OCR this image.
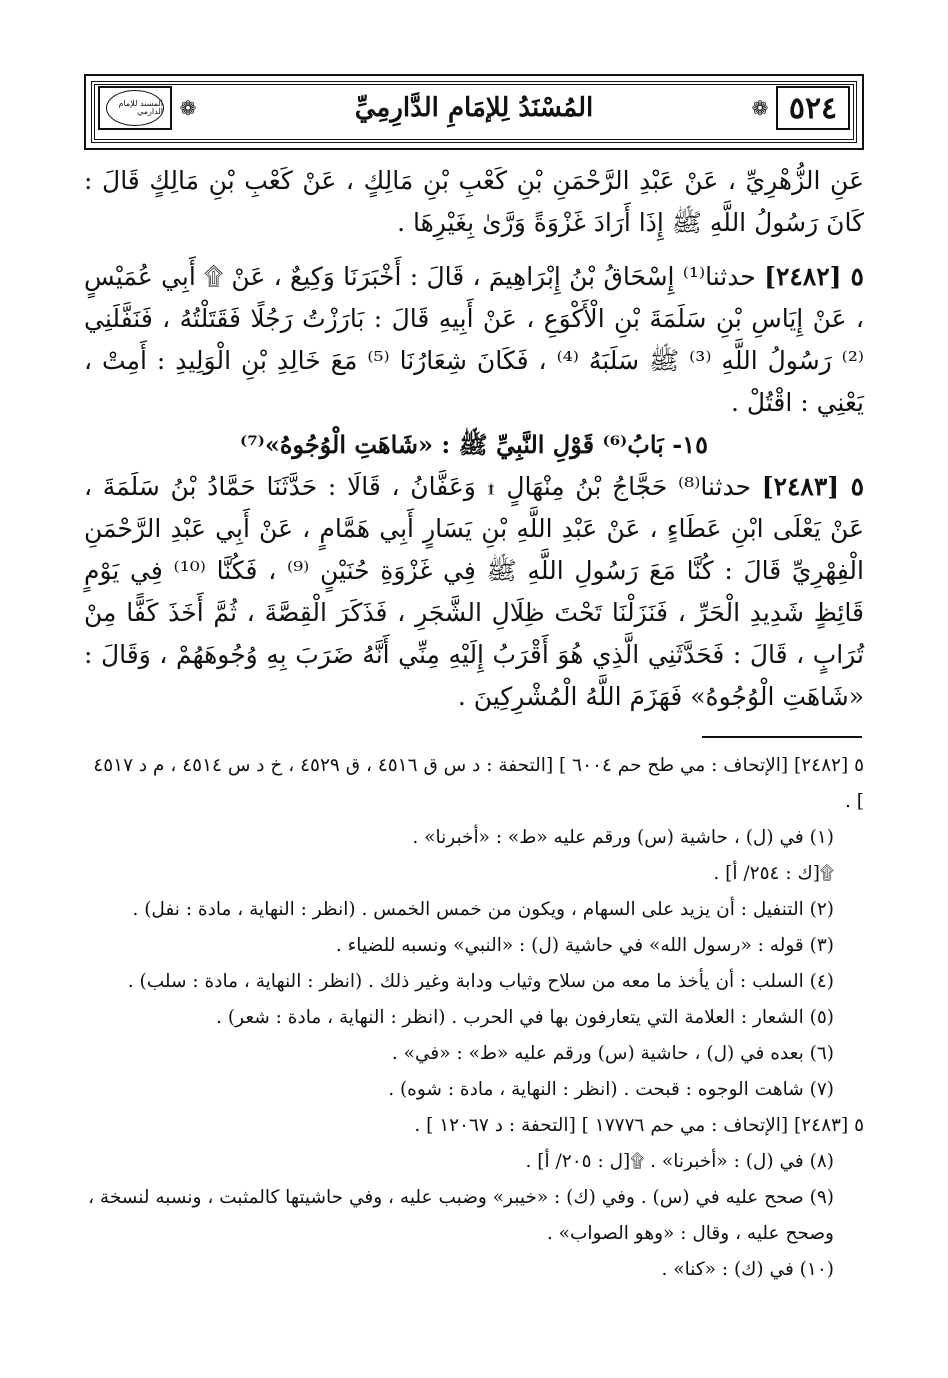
٥٢٤
❁
المُسْنَدُ لِلإمَامِ الدَّارِمِيِّ
❁
المسند للإمام الدارمي

عَنِ الزُّهْرِيِّ ، عَنْ عَبْدِ الرَّحْمَنِ بْنِ كَعْبِ بْنِ مَالِكٍ ، عَنْ كَعْبِ بْنِ مَالِكٍ قَالَ : كَانَ رَسُولُ اللَّهِ ﷺ إِذَا أَرَادَ غَزْوَةً وَرَّىٰ بِغَيْرِهَا .

٥ [٢٤٨٢] حدثنا⁽¹⁾ إِسْحَاقُ بْنُ إِبْرَاهِيمَ ، قَالَ : أَخْبَرَنَا وَكِيعٌ ، عَنْ ۩ أَبِي عُمَيْسٍ ، عَنْ إِيَاسِ بْنِ سَلَمَةَ بْنِ الْأَكْوَعِ ، عَنْ أَبِيهِ قَالَ : بَارَزْتُ رَجُلًا فَقَتَلْتُهُ ، فَنَفَّلَنِي ⁽²⁾ رَسُولُ اللَّهِ ⁽³⁾ ﷺ سَلَبَهُ ⁽⁴⁾ ، فَكَانَ شِعَارُنَا ⁽⁵⁾ مَعَ خَالِدِ بْنِ الْوَلِيدِ : أَمِتْ ، يَعْنِي : اقْتُلْ .

١٥- بَابُ⁽⁶⁾ قَوْلِ النَّبِيِّ ﷺ : «شَاهَتِ الْوُجُوهُ»⁽⁷⁾

٥ [٢٤٨٣] حدثنا⁽⁸⁾ حَجَّاجُ بْنُ مِنْهَالٍ ۩ وَعَفَّانُ ، قَالَا : حَدَّثَنَا حَمَّادُ بْنُ سَلَمَةَ ، عَنْ يَعْلَى ابْنِ عَطَاءٍ ، عَنْ عَبْدِ اللَّهِ بْنِ يَسَارٍ أَبِي هَمَّامٍ ، عَنْ أَبِي عَبْدِ الرَّحْمَنِ الْفِهْرِيِّ قَالَ : كُنَّا مَعَ رَسُولِ اللَّهِ ﷺ فِي غَزْوَةِ حُنَيْنٍ ⁽⁹⁾ ، فَكُنَّا ⁽¹⁰⁾ فِي يَوْمٍ قَائِظٍ شَدِيدِ الْحَرِّ ، فَنَزَلْنَا تَحْتَ ظِلَالِ الشَّجَرِ ، فَذَكَرَ الْقِصَّةَ ، ثُمَّ أَخَذَ كَفًّا مِنْ تُرَابٍ ، قَالَ : فَحَدَّثَنِي الَّذِي هُوَ أَقْرَبُ إِلَيْهِ مِنِّي أَنَّهُ ضَرَبَ بِهِ وُجُوهَهُمْ ، وَقَالَ : «شَاهَتِ الْوُجُوهُ» فَهَزَمَ اللَّهُ الْمُشْرِكِينَ .

٥ [٢٤٨٢] [الإتحاف : مي طح حم ٦٠٠٤ ] [التحفة : د س ق ٤٥١٦ ، ق ٤٥٢٩ ، خ د س ٤٥١٤ ، م د ٤٥١٧ ] .

(١) في (ل) ، حاشية (س) ورقم عليه «ط» : «أخبرنا» .

۩[ك : ٢٥٤/ أ] .

(٢) التنفيل : أن يزيد على السهام ، ويكون من خمس الخمس . (انظر : النهاية ، مادة : نفل) .

(٣) قوله : «رسول الله» في حاشية (ل) : «النبي» ونسبه للضياء .

(٤) السلب : أن يأخذ ما معه من سلاح وثياب ودابة وغير ذلك . (انظر : النهاية ، مادة : سلب) .

(٥) الشعار : العلامة التي يتعارفون بها في الحرب . (انظر : النهاية ، مادة : شعر) .

(٦) بعده في (ل) ، حاشية (س) ورقم عليه «ط» : «في» .

(٧) شاهت الوجوه : قبحت . (انظر : النهاية ، مادة : شوه) .

٥ [٢٤٨٣] [الإتحاف : مي حم ١٧٧٧٦ ] [التحفة : د ١٢٠٦٧ ] .

(٨) في (ل) : «أخبرنا» . ۩[ل : ٢٠٥/ أ] .

(٩) صحح عليه في (س) . وفي (ك) : «خيبر» وضبب عليه ، وفي حاشيتها كالمثبت ، ونسبه لنسخة ، وصحح عليه ، وقال : «وهو الصواب» .

(١٠) في (ك) : «كنا» .
